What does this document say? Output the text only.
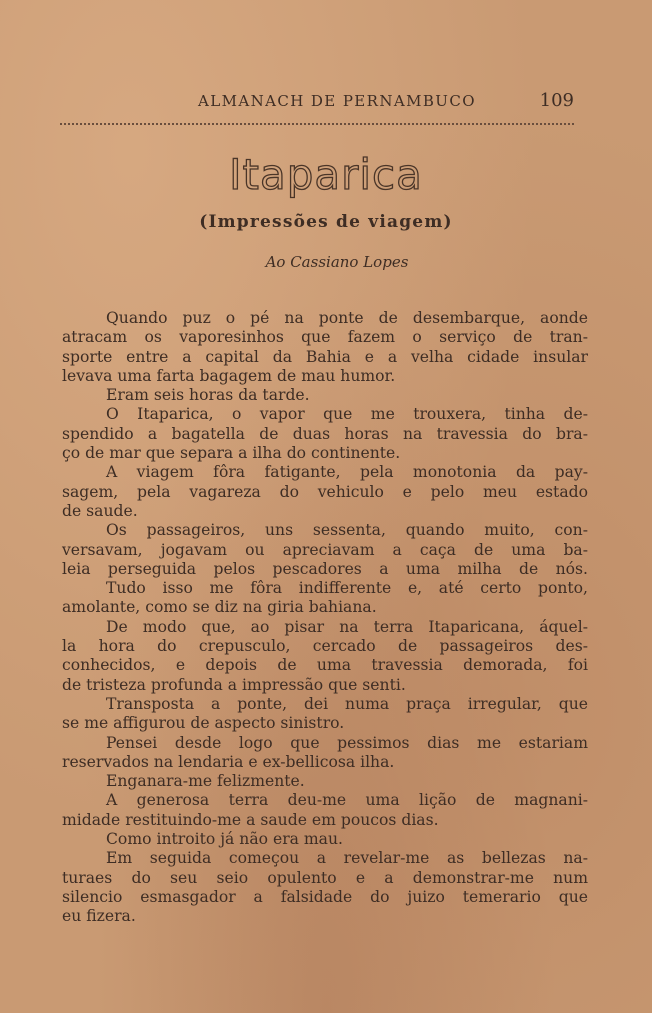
ALMANACH DE PERNAMBUCO	109
Itaparica
(Impressões de viagem)
Ao Cassiano Lopes
Quando puz o pé na ponte de desembarque, aonde
atracam os vaporesinhos que fazem o serviço de tran-
sporte entre a capital da Bahia e a velha cidade insular
levava uma farta bagagem de mau humor.
Eram seis horas da tarde.
O Itaparica, o vapor que me trouxera, tinha de-
spendido a bagatella de duas horas na travessia do bra-
ço de mar que separa a ilha do continente.
A viagem fôra fatigante, pela monotonia da pay-
sagem, pela vagareza do vehiculo e pelo meu estado
de saude.
Os passageiros, uns sessenta, quando muito, con-
versavam, jogavam ou apreciavam a caça de uma ba-
leia perseguida pelos pescadores a uma milha de nós.
Tudo isso me fôra indifferente e, até certo ponto,
amolante, como se diz na giria bahiana.
De modo que, ao pisar na terra Itaparicana, áquel-
la hora do crepusculo, cercado de passageiros des-
conhecidos, e depois de uma travessia demorada, foi
de tristeza profunda a impressão que senti.
Transposta a ponte, dei numa praça irregular, que
se me affigurou de aspecto sinistro.
Pensei desde logo que pessimos dias me estariam
reservados na lendaria e ex-bellicosa ilha.
Enganara-me felizmente.
A generosa terra deu-me uma lição de magnani-
midade restituindo-me a saude em poucos dias.
Como introito já não era mau.
Em seguida começou a revelar-me as bellezas na-
turaes do seu seio opulento e a demonstrar-me num
silencio esmasgador a falsidade do juizo temerario que
eu fizera.
